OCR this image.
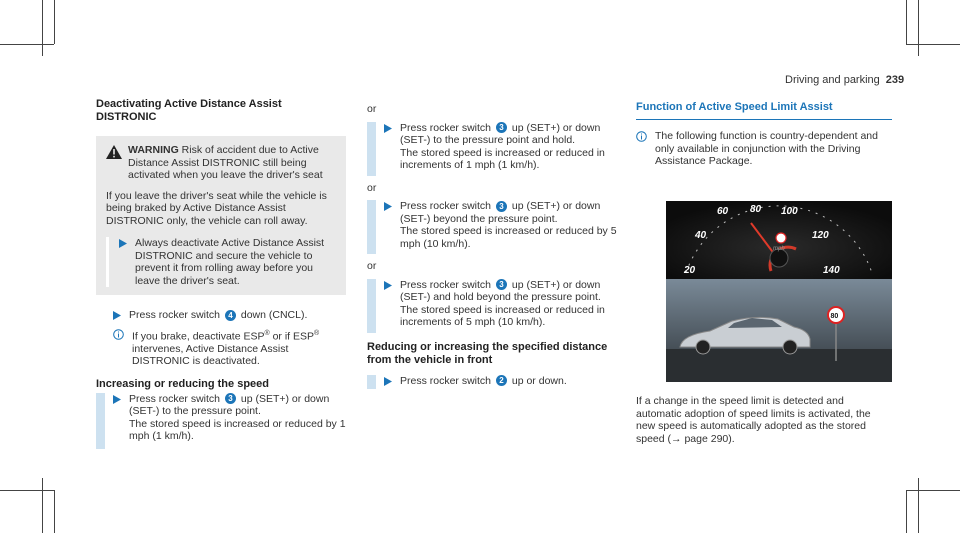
Driving and parking 239
Deactivating Active Distance Assist DISTRONIC
WARNING Risk of accident due to Active Distance Assist DISTRONIC still being activated when you leave the driver's seat
If you leave the driver's seat while the vehicle is being braked by Active Distance Assist DISTRONIC only, the vehicle can roll away.
Always deactivate Active Distance Assist DISTRONIC and secure the vehicle to prevent it from rolling away before you leave the driver's seat.
Press rocker switch 4 down (CNCL).
If you brake, deactivate ESP® or if ESP® intervenes, Active Distance Assist DISTRONIC is deactivated.
Increasing or reducing the speed
Press rocker switch 3 up (SET+) or down (SET-) to the pressure point.
The stored speed is increased or reduced by 1 mph (1 km/h).
or
Press rocker switch 3 up (SET+) or down (SET-) to the pressure point and hold.
The stored speed is increased or reduced in increments of 1 mph (1 km/h).
or
Press rocker switch 3 up (SET+) or down (SET-) beyond the pressure point.
The stored speed is increased or reduced by 5 mph (10 km/h).
or
Press rocker switch 3 up (SET+) or down (SET-) and hold beyond the pressure point.
The stored speed is increased or reduced in increments of 5 mph (10 km/h).
Reducing or increasing the specified distance from the vehicle in front
Press rocker switch 2 up or down.
Function of Active Speed Limit Assist
The following function is country-dependent and only available in conjunction with the Driving Assistance Package.
20
40
60 80 100
120
140
mph
80
If a change in the speed limit is detected and automatic adoption of speed limits is activated, the new speed is automatically adopted as the stored speed (→ page 290).
